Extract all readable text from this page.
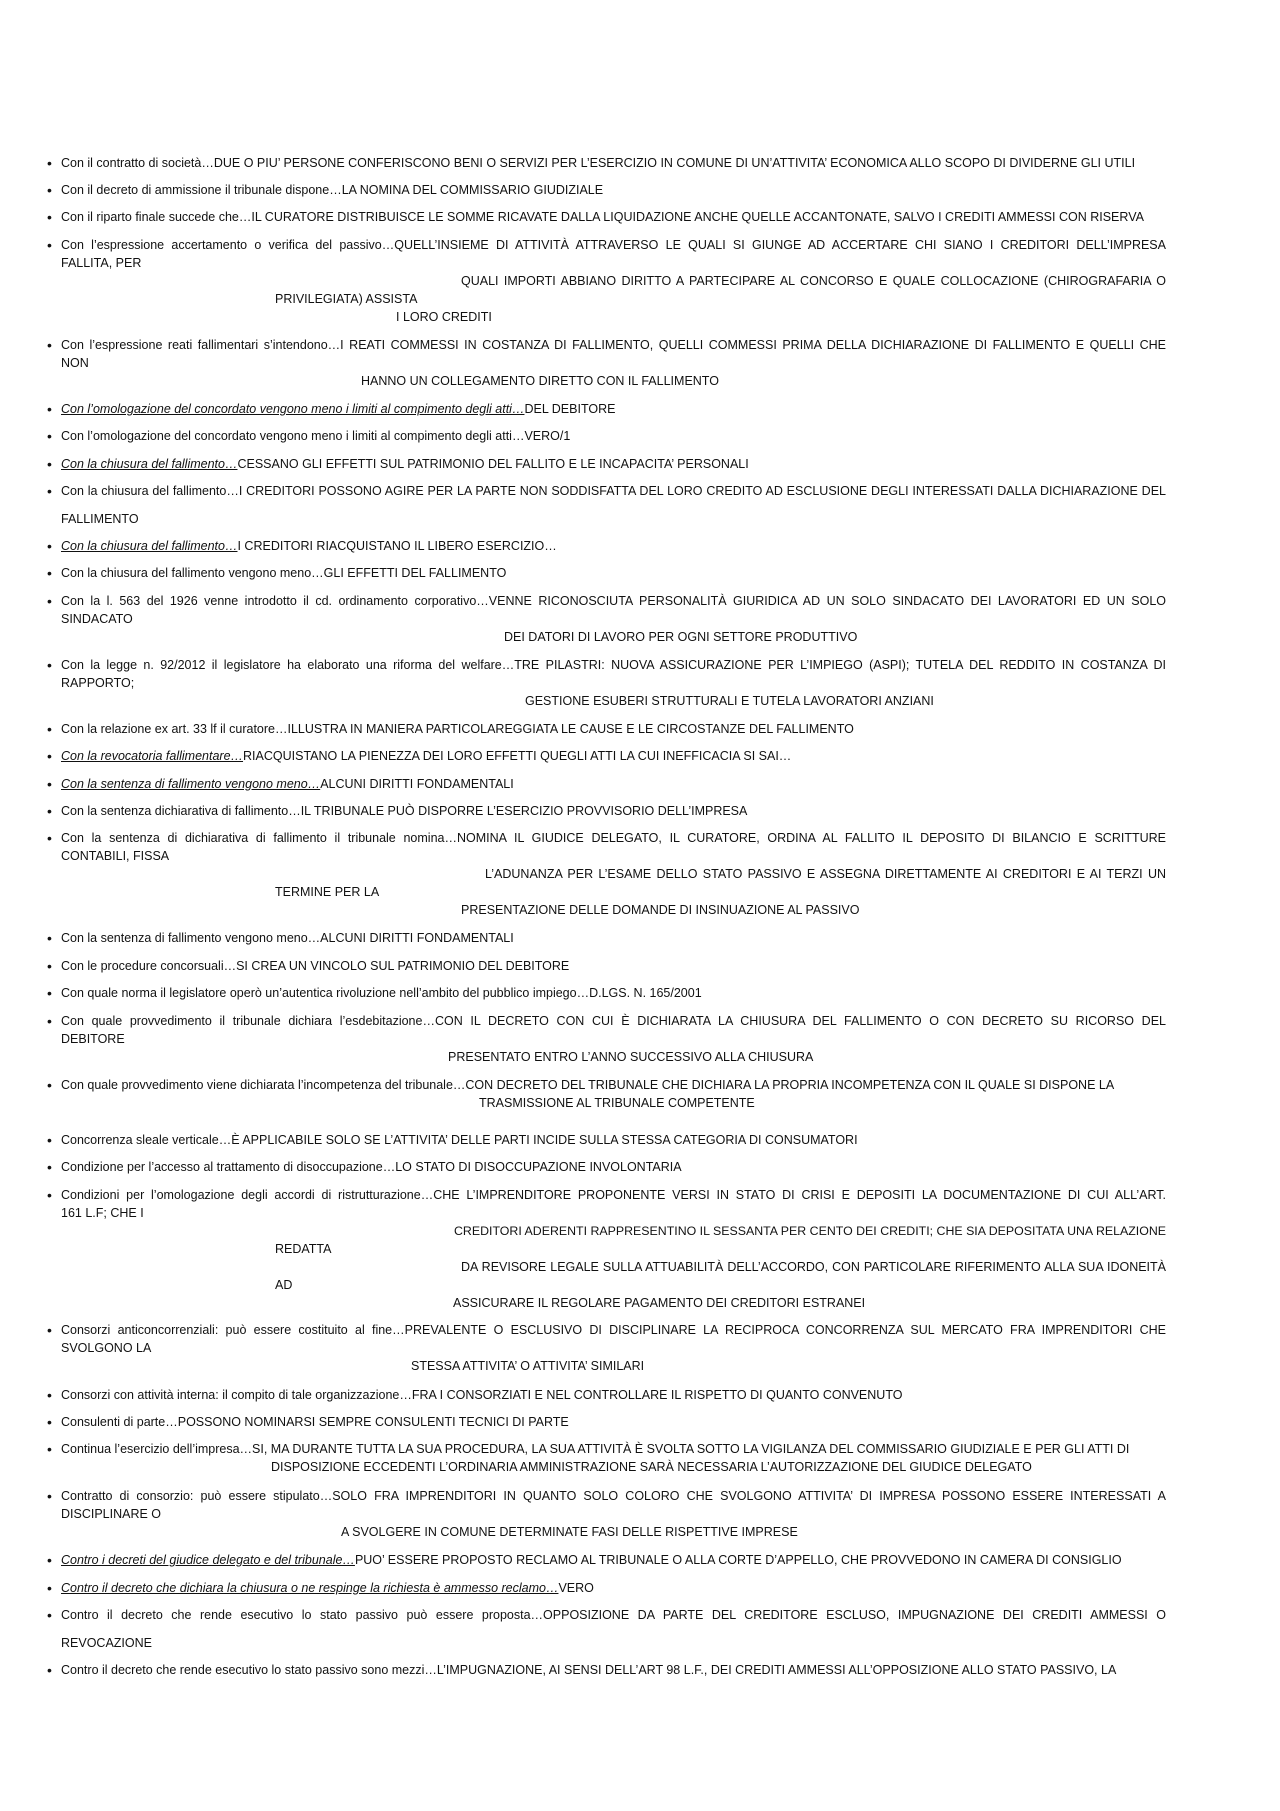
• Con il contratto di società…DUE O PIU’ PERSONE CONFERISCONO BENI O SERVIZI PER L’ESERCIZIO IN COMUNE DI UN’ATTIVITA’ ECONOMICA ALLO SCOPO DI DIVIDERNE GLI UTILI
• Con il decreto di ammissione il tribunale dispone…LA NOMINA DEL COMMISSARIO GIUDIZIALE
• Con il riparto finale succede che…IL CURATORE DISTRIBUISCE LE SOMME RICAVATE DALLA LIQUIDAZIONE ANCHE QUELLE ACCANTONATE, SALVO I CREDITI AMMESSI CON RISERVA
• Con l’espressione accertamento o verifica del passivo…QUELL’INSIEME DI ATTIVITÀ ATTRAVERSO LE QUALI SI GIUNGE AD ACCERTARE CHI SIANO I CREDITORI DELL’IMPRESA
FALLITA, PER
QUALI IMPORTI ABBIANO DIRITTO A PARTECIPARE AL CONCORSO E QUALE COLLOCAZIONE (CHIROGRAFARIA O
PRIVILEGIATA) ASSISTA
I LORO CREDITI
• Con l’espressione reati fallimentari s’intendono…I REATI COMMESSI IN COSTANZA DI FALLIMENTO, QUELLI COMMESSI PRIMA DELLA DICHIARAZIONE DI FALLIMENTO E QUELLI CHE
NON
HANNO UN COLLEGAMENTO DIRETTO CON IL FALLIMENTO
• Con l’omologazione del concordato vengono meno i limiti al compimento degli atti…DEL DEBITORE
• Con l’omologazione del concordato vengono meno i limiti al compimento degli atti…VERO/1
• Con la chiusura del fallimento…CESSANO GLI EFFETTI SUL PATRIMONIO DEL FALLITO E LE INCAPACITA’ PERSONALI
• Con la chiusura del fallimento…I CREDITORI POSSONO AGIRE PER LA PARTE NON SODDISFATTA DEL LORO CREDITO AD ESCLUSIONE DEGLI INTERESSATI DALLA DICHIARAZIONE DEL
FALLIMENTO
• Con la chiusura del fallimento…I CREDITORI RIACQUISTANO IL LIBERO ESERCIZIO…
• Con la chiusura del fallimento vengono meno…GLI EFFETTI DEL FALLIMENTO
• Con la l. 563 del 1926 venne introdotto il cd. ordinamento corporativo…VENNE RICONOSCIUTA PERSONALITÀ GIURIDICA AD UN SOLO SINDACATO DEI LAVORATORI ED UN SOLO
SINDACATO
DEI DATORI DI LAVORO PER OGNI SETTORE PRODUTTIVO
• Con la legge n. 92/2012 il legislatore ha elaborato una riforma del welfare…TRE PILASTRI: NUOVA ASSICURAZIONE PER L’IMPIEGO (ASPI); TUTELA DEL REDDITO IN COSTANZA DI
RAPPORTO;
GESTIONE ESUBERI STRUTTURALI E TUTELA LAVORATORI ANZIANI
• Con la relazione ex art. 33 lf il curatore…ILLUSTRA IN MANIERA PARTICOLAREGGIATA LE CAUSE E LE CIRCOSTANZE DEL FALLIMENTO
• Con la revocatoria fallimentare…RIACQUISTANO LA PIENEZZA DEI LORO EFFETTI QUEGLI ATTI LA CUI INEFFICACIA SI SAI…
• Con la sentenza di fallimento vengono meno…ALCUNI DIRITTI FONDAMENTALI
• Con la sentenza dichiarativa di fallimento…IL TRIBUNALE PUÒ DISPORRE L’ESERCIZIO PROVVISORIO DELL’IMPRESA
• Con la sentenza di dichiarativa di fallimento il tribunale nomina…NOMINA IL GIUDICE DELEGATO, IL CURATORE, ORDINA AL FALLITO IL DEPOSITO DI BILANCIO E SCRITTURE
CONTABILI, FISSA
L’ADUNANZA PER L’ESAME DELLO STATO PASSIVO E ASSEGNA DIRETTAMENTE AI CREDITORI E AI TERZI UN
TERMINE PER LA
PRESENTAZIONE DELLE DOMANDE DI INSINUAZIONE AL PASSIVO
• Con la sentenza di fallimento vengono meno…ALCUNI DIRITTI FONDAMENTALI
• Con le procedure concorsuali…SI CREA UN VINCOLO SUL PATRIMONIO DEL DEBITORE
• Con quale norma il legislatore operò un’autentica rivoluzione nell’ambito del pubblico impiego…D.LGS. N. 165/2001
• Con quale provvedimento il tribunale dichiara l’esdebitazione…CON IL DECRETO CON CUI È DICHIARATA LA CHIUSURA DEL FALLIMENTO O CON DECRETO SU RICORSO DEL
DEBITORE
PRESENTATO ENTRO L’ANNO SUCCESSIVO ALLA CHIUSURA
• Con quale provvedimento viene dichiarata l’incompetenza del tribunale…CON DECRETO DEL TRIBUNALE CHE DICHIARA LA PROPRIA INCOMPETENZA CON IL QUALE SI DISPONE LA
TRASMISSIONE AL TRIBUNALE COMPETENTE
• Concorrenza sleale verticale…È APPLICABILE SOLO SE L’ATTIVITA’ DELLE PARTI INCIDE SULLA STESSA CATEGORIA DI CONSUMATORI
• Condizione per l’accesso al trattamento di disoccupazione…LO STATO DI DISOCCUPAZIONE INVOLONTARIA
• Condizioni per l’omologazione degli accordi di ristrutturazione…CHE L’IMPRENDITORE PROPONENTE VERSI IN STATO DI CRISI E DEPOSITI LA DOCUMENTAZIONE DI CUI ALL’ART.
161 L.F; CHE I
CREDITORI ADERENTI RAPPRESENTINO IL SESSANTA PER CENTO DEI CREDITI; CHE SIA DEPOSITATA UNA RELAZIONE
REDATTA
DA REVISORE LEGALE SULLA ATTUABILITÀ DELL’ACCORDO, CON PARTICOLARE RIFERIMENTO ALLA SUA IDONEITÀ
AD
ASSICURARE IL REGOLARE PAGAMENTO DEI CREDITORI ESTRANEI
• Consorzi anticoncorrenziali: può essere costituito al fine…PREVALENTE O ESCLUSIVO DI DISCIPLINARE LA RECIPROCA CONCORRENZA SUL MERCATO FRA IMPRENDITORI CHE
SVOLGONO LA
STESSA ATTIVITA’ O ATTIVITA’ SIMILARI
• Consorzi con attività interna: il compito di tale organizzazione…FRA I CONSORZIATI E NEL CONTROLLARE IL RISPETTO DI QUANTO CONVENUTO
• Consulenti di parte…POSSONO NOMINARSI SEMPRE CONSULENTI TECNICI DI PARTE
• Continua l’esercizio dell’impresa…SI, MA DURANTE TUTTA LA SUA PROCEDURA, LA SUA ATTIVITÀ È SVOLTA SOTTO LA VIGILANZA DEL COMMISSARIO GIUDIZIALE E PER GLI ATTI DI
DISPOSIZIONE ECCEDENTI L’ORDINARIA AMMINISTRAZIONE SARÀ NECESSARIA L’AUTORIZZAZIONE DEL GIUDICE DELEGATO
• Contratto di consorzio: può essere stipulato…SOLO FRA IMPRENDITORI IN QUANTO SOLO COLORO CHE SVOLGONO ATTIVITA’ DI IMPRESA POSSONO ESSERE INTERESSATI A
DISCIPLINARE O
A SVOLGERE IN COMUNE DETERMINATE FASI DELLE RISPETTIVE IMPRESE
• Contro i decreti del giudice delegato e del tribunale…PUO’ ESSERE PROPOSTO RECLAMO AL TRIBUNALE O ALLA CORTE D’APPELLO, CHE PROVVEDONO IN CAMERA DI CONSIGLIO
• Contro il decreto che dichiara la chiusura o ne respinge la richiesta è ammesso reclamo…VERO
• Contro il decreto che rende esecutivo lo stato passivo può essere proposta…OPPOSIZIONE DA PARTE DEL CREDITORE ESCLUSO, IMPUGNAZIONE DEI CREDITI AMMESSI O
REVOCAZIONE
• Contro il decreto che rende esecutivo lo stato passivo sono mezzi…L’IMPUGNAZIONE, AI SENSI DELL’ART 98 L.F., DEI CREDITI AMMESSI ALL’OPPOSIZIONE ALLO STATO PASSIVO, LA
